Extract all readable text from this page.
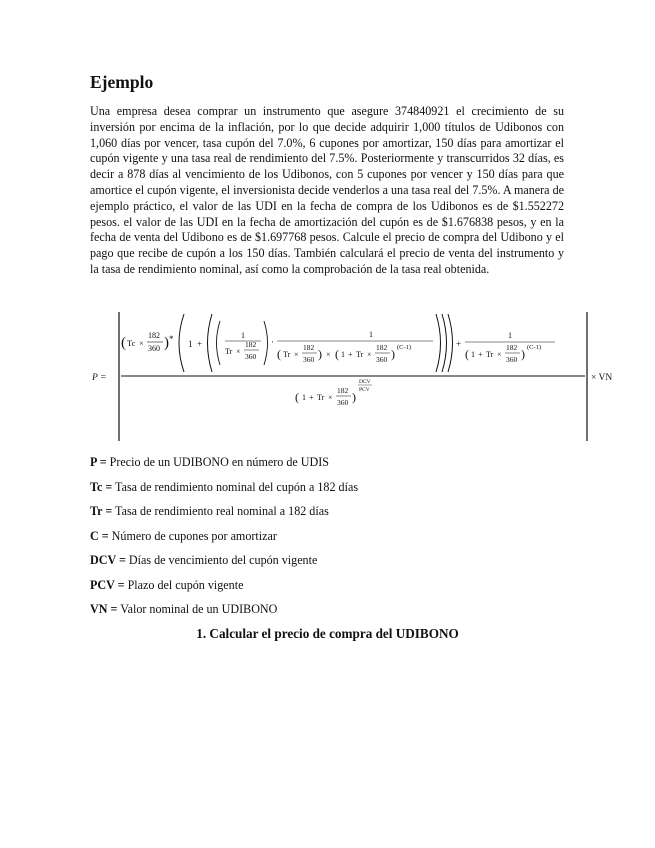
Ejemplo

Una empresa desea comprar un instrumento que asegure 374840921 el crecimiento de su inversión por encima de la inflación, por lo que decide adquirir 1,000 títulos de Udibonos con 1,060 días por vencer, tasa cupón del 7.0%, 6 cupones por amortizar, 150 días para amortizar el cupón vigente y una tasa real de rendimiento del 7.5%. Posteriormente y transcurridos 32 días, es decir a 878 días al vencimiento de los Udibonos, con 5 cupones por vencer y 150 días para que amortice el cupón vigente, el inversionista decide venderlos a una tasa real del 7.5%. A manera de ejemplo práctico, el valor de las UDI en la fecha de compra de los Udibonos es de $1.552272 pesos. el valor de las UDI en la fecha de amortización del cupón es de $1.676838 pesos, y en la fecha de venta del Udibono es de $1.697768 pesos. Calcule el precio de compra del Udibono y el pago que recibe de cupón a los 150 días. También calculará el precio de venta del instrumento y la tasa de rendimiento nominal, así como la comprobación de la tasa real obtenida.

P =	× VN
( Tc ×
182
360 ) * 1 +
1
Tr ×
182
360
·
1
( Tr ×
182
360 ) × ( 1 + Tr ×
182
360 ) (C-1)	+
1
( 1 + Tr ×
182
360 ) (C-1)
( 1 + Tr ×
182
360 )
DCV
PCV
P = Precio de un UDIBONO en número de UDIS
Tc = Tasa de rendimiento nominal del cupón a 182 días
Tr = Tasa de rendimiento real nominal a 182 días
C = Número de cupones por amortizar
DCV = Días de vencimiento del cupón vigente
PCV = Plazo del cupón vigente
VN = Valor nominal de un UDIBONO
1. Calcular el precio de compra del UDIBONO
